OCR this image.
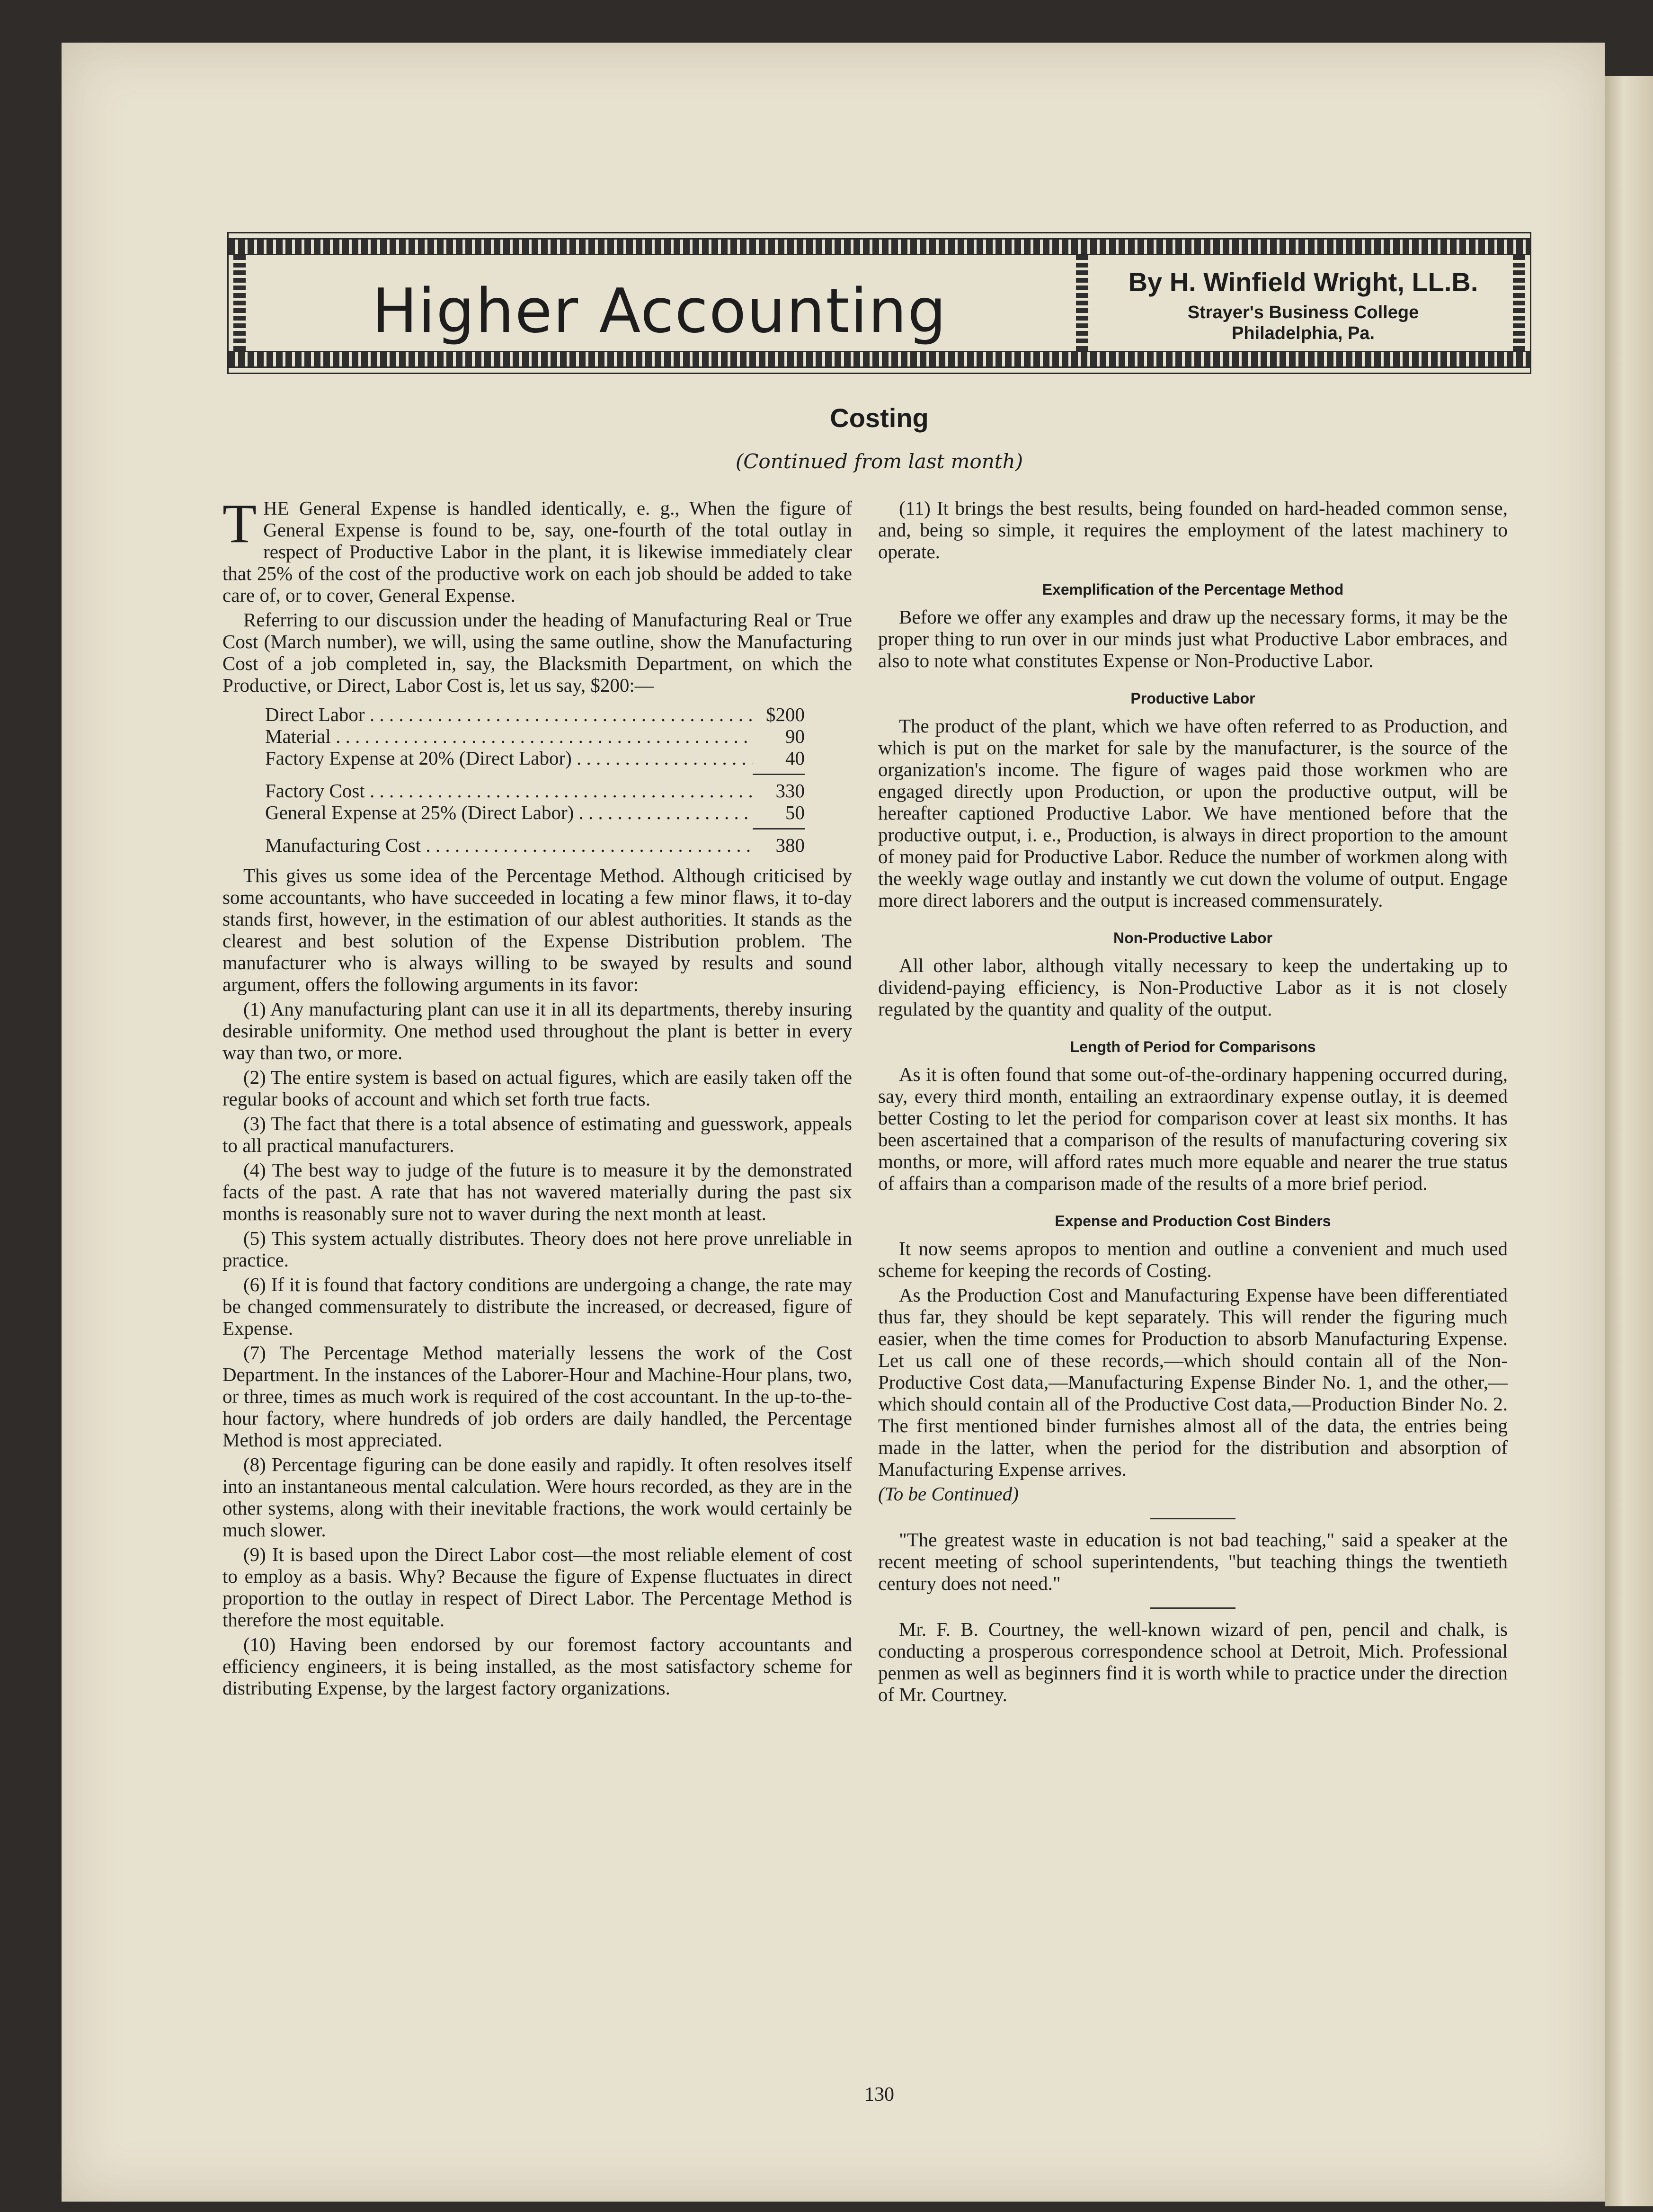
Higher Accounting	By H. Winfield Wright, LL.B.
Strayer's Business College
Philadelphia, Pa.
Costing
(Continued from last month)

THE General Expense is handled identically, e. g., When the figure of General Expense is found to be, say, one-fourth of the total outlay in respect of Productive Labor in the plant, it is likewise immediately clear that 25% of the cost of the productive work on each job should be added to take care of, or to cover, General Expense.

Referring to our discussion under the heading of Manufacturing Real or True Cost (March number), we will, using the same outline, show the Manufacturing Cost of a job completed in, say, the Blacksmith Department, on which the Productive, or Direct, Labor Cost is, let us say, $200:—

Direct Labor . . .	$200
Material . . .	90
Factory Expense at 20% (Direct Labor) . . .	40
Factory Cost . . .	330
General Expense at 25% (Direct Labor) . . .	50
Manufacturing Cost . . .	380

This gives us some idea of the Percentage Method. Although criticised by some accountants, who have succeeded in locating a few minor flaws, it to-day stands first, however, in the estimation of our ablest authorities. It stands as the clearest and best solution of the Expense Distribution problem. The manufacturer who is always willing to be swayed by results and sound argument, offers the following arguments in its favor:

(1) Any manufacturing plant can use it in all its departments, thereby insuring desirable uniformity. One method used throughout the plant is better in every way than two, or more.

(2) The entire system is based on actual figures, which are easily taken off the regular books of account and which set forth true facts.

(3) The fact that there is a total absence of estimating and guesswork, appeals to all practical manufacturers.

(4) The best way to judge of the future is to measure it by the demonstrated facts of the past. A rate that has not wavered materially during the past six months is reasonably sure not to waver during the next month at least.

(5) This system actually distributes. Theory does not here prove unreliable in practice.

(6) If it is found that factory conditions are undergoing a change, the rate may be changed commensurately to distribute the increased, or decreased, figure of Expense.

(7) The Percentage Method materially lessens the work of the Cost Department. In the instances of the Laborer-Hour and Machine-Hour plans, two, or three, times as much work is required of the cost accountant. In the up-to-the-hour factory, where hundreds of job orders are daily handled, the Percentage Method is most appreciated.

(8) Percentage figuring can be done easily and rapidly. It often resolves itself into an instantaneous mental calculation. Were hours recorded, as they are in the other systems, along with their inevitable fractions, the work would certainly be much slower.

(9) It is based upon the Direct Labor cost—the most reliable element of cost to employ as a basis. Why? Because the figure of Expense fluctuates in direct proportion to the outlay in respect of Direct Labor. The Percentage Method is therefore the most equitable.

(10) Having been endorsed by our foremost factory accountants and efficiency engineers, it is being installed, as the most satisfactory scheme for distributing Expense, by the largest factory organizations.

(11) It brings the best results, being founded on hard-headed common sense, and, being so simple, it requires the employment of the latest machinery to operate.

Exemplification of the Percentage Method

Before we offer any examples and draw up the necessary forms, it may be the proper thing to run over in our minds just what Productive Labor embraces, and also to note what constitutes Expense or Non-Productive Labor.

Productive Labor

The product of the plant, which we have often referred to as Production, and which is put on the market for sale by the manufacturer, is the source of the organization's income. The figure of wages paid those workmen who are engaged directly upon Production, or upon the productive output, will be hereafter captioned Productive Labor. We have mentioned before that the productive output, i. e., Production, is always in direct proportion to the amount of money paid for Productive Labor. Reduce the number of workmen along with the weekly wage outlay and instantly we cut down the volume of output. Engage more direct laborers and the output is increased commensurately.

Non-Productive Labor

All other labor, although vitally necessary to keep the undertaking up to dividend-paying efficiency, is Non-Productive Labor as it is not closely regulated by the quantity and quality of the output.

Length of Period for Comparisons

As it is often found that some out-of-the-ordinary happening occurred during, say, every third month, entailing an extraordinary expense outlay, it is deemed better Costing to let the period for comparison cover at least six months. It has been ascertained that a comparison of the results of manufacturing covering six months, or more, will afford rates much more equable and nearer the true status of affairs than a comparison made of the results of a more brief period.

Expense and Production Cost Binders

It now seems apropos to mention and outline a convenient and much used scheme for keeping the records of Costing.

As the Production Cost and Manufacturing Expense have been differentiated thus far, they should be kept separately. This will render the figuring much easier, when the time comes for Production to absorb Manufacturing Expense. Let us call one of these records,—which should contain all of the Non-Productive Cost data,—Manufacturing Expense Binder No. 1, and the other,—which should contain all of the Productive Cost data,—Production Binder No. 2. The first mentioned binder furnishes almost all of the data, the entries being made in the latter, when the period for the distribution and absorption of Manufacturing Expense arrives.

(To be Continued)

"The greatest waste in education is not bad teaching," said a speaker at the recent meeting of school superintendents, "but teaching things the twentieth century does not need."

Mr. F. B. Courtney, the well-known wizard of pen, pencil and chalk, is conducting a prosperous correspondence school at Detroit, Mich. Professional penmen as well as beginners find it is worth while to practice under the direction of Mr. Courtney.

130
